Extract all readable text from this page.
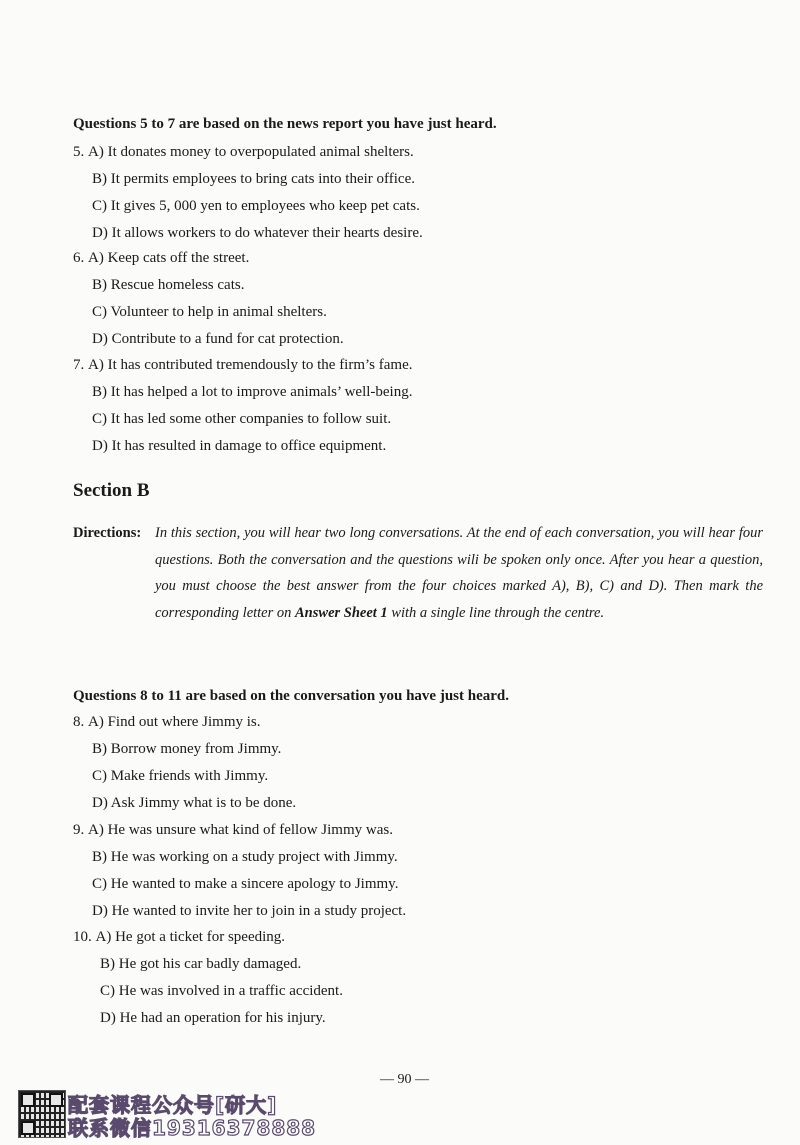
Questions 5 to 7 are based on the news report you have just heard.
5. A) It donates money to overpopulated animal shelters.
B) It permits employees to bring cats into their office.
C) It gives 5, 000 yen to employees who keep pet cats.
D) It allows workers to do whatever their hearts desire.
6. A) Keep cats off the street.
B) Rescue homeless cats.
C) Volunteer to help in animal shelters.
D) Contribute to a fund for cat protection.
7. A) It has contributed tremendously to the firm’s fame.
B) It has helped a lot to improve animals’ well-being.
C) It has led some other companies to follow suit.
D) It has resulted in damage to office equipment.
Section B
Directions: In this section, you will hear two long conversations. At the end of each conversation, you will hear four questions. Both the conversation and the questions wili be spoken only once. After you hear a question, you must choose the best answer from the four choices marked A), B), C) and D). Then mark the corresponding letter on Answer Sheet 1 with a single line through the centre.
Questions 8 to 11 are based on the conversation you have just heard.
8. A) Find out where Jimmy is.
B) Borrow money from Jimmy.
C) Make friends with Jimmy.
D) Ask Jimmy what is to be done.
9. A) He was unsure what kind of fellow Jimmy was.
B) He was working on a study project with Jimmy.
C) He wanted to make a sincere apology to Jimmy.
D) He wanted to invite her to join in a study project.
10. A) He got a ticket for speeding.
B) He got his car badly damaged.
C) He was involved in a traffic accident.
D) He had an operation for his injury.
— 90 —
配套课程公众号[研大]
联系微信19316378888
